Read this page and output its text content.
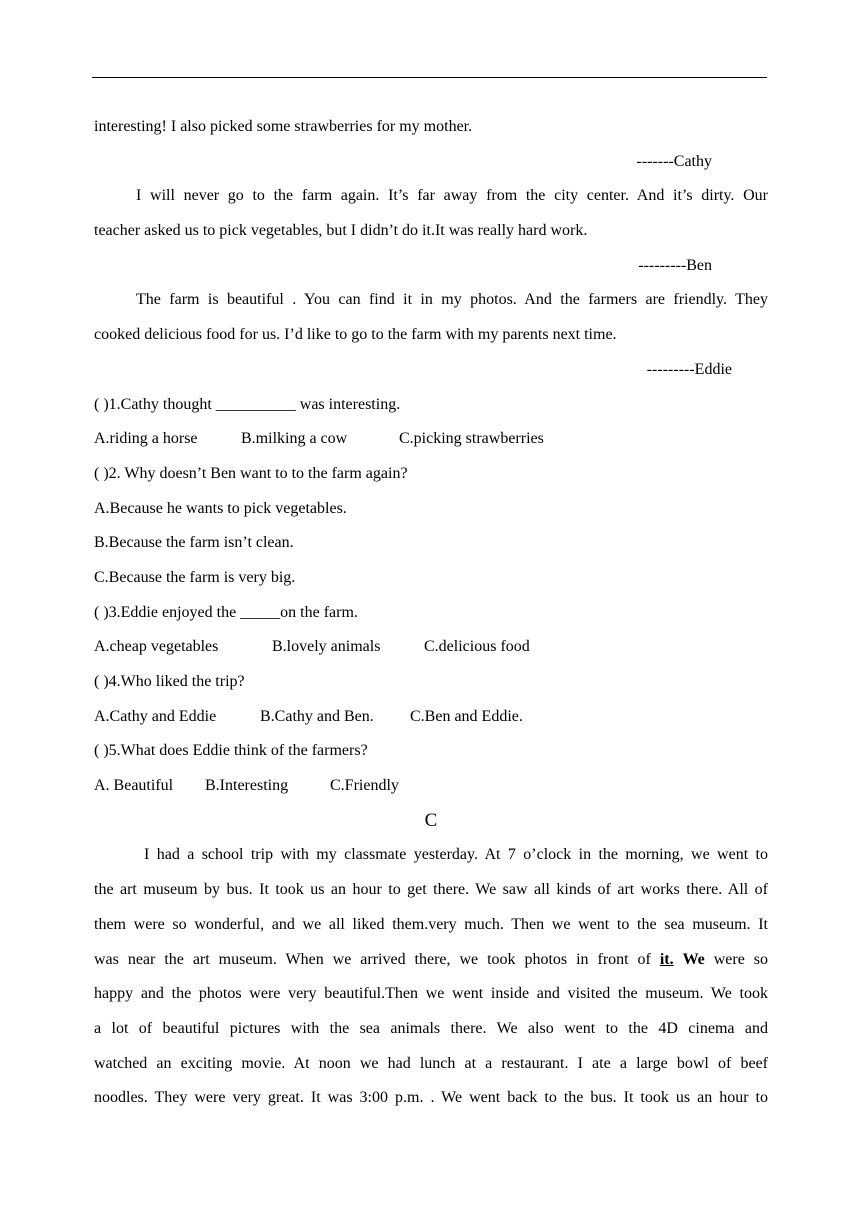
interesting! I also picked some strawberries for my mother.
-------Cathy
I will never go to the farm again. It’s far away from the city center. And it’s dirty. Our
teacher asked us to pick vegetables, but I didn’t do it.It was really hard work.
---------Ben
The farm is beautiful . You can find it in my photos. And the farmers are friendly. They
cooked delicious food for us. I’d like to go to the farm with my parents next time.
---------Eddie
( )1.Cathy thought __________ was interesting.
A.riding a horse	B.milking a cow	C.picking strawberries
( )2. Why doesn’t Ben want to to the farm again?
A.Because he wants to pick vegetables.
B.Because the farm isn’t clean.
C.Because the farm is very big.
( )3.Eddie enjoyed the _____on the farm.
A.cheap vegetables	B.lovely animals	C.delicious food
( )4.Who liked the trip?
A.Cathy and Eddie	B.Cathy and Ben. C.Ben and Eddie.
( )5.What does Eddie think of the farmers?
A. Beautiful B.Interesting	C.Friendly
C
I had a school trip with my classmate yesterday. At 7 o’clock in the morning, we went to
the art museum by bus. It took us an hour to get there. We saw all kinds of art works there. All of
them were so wonderful, and we all liked them.very much. Then we went to the sea museum. It
was near the art museum. When we arrived there, we took photos in front of it. We were so
happy and the photos were very beautiful.Then we went inside and visited the museum. We took
a lot of beautiful pictures with the sea animals there. We also went to the 4D cinema and
watched an exciting movie. At noon we had lunch at a restaurant. I ate a large bowl of beef
noodles. They were very great. It was 3:00 p.m. . We went back to the bus. It took us an hour to
